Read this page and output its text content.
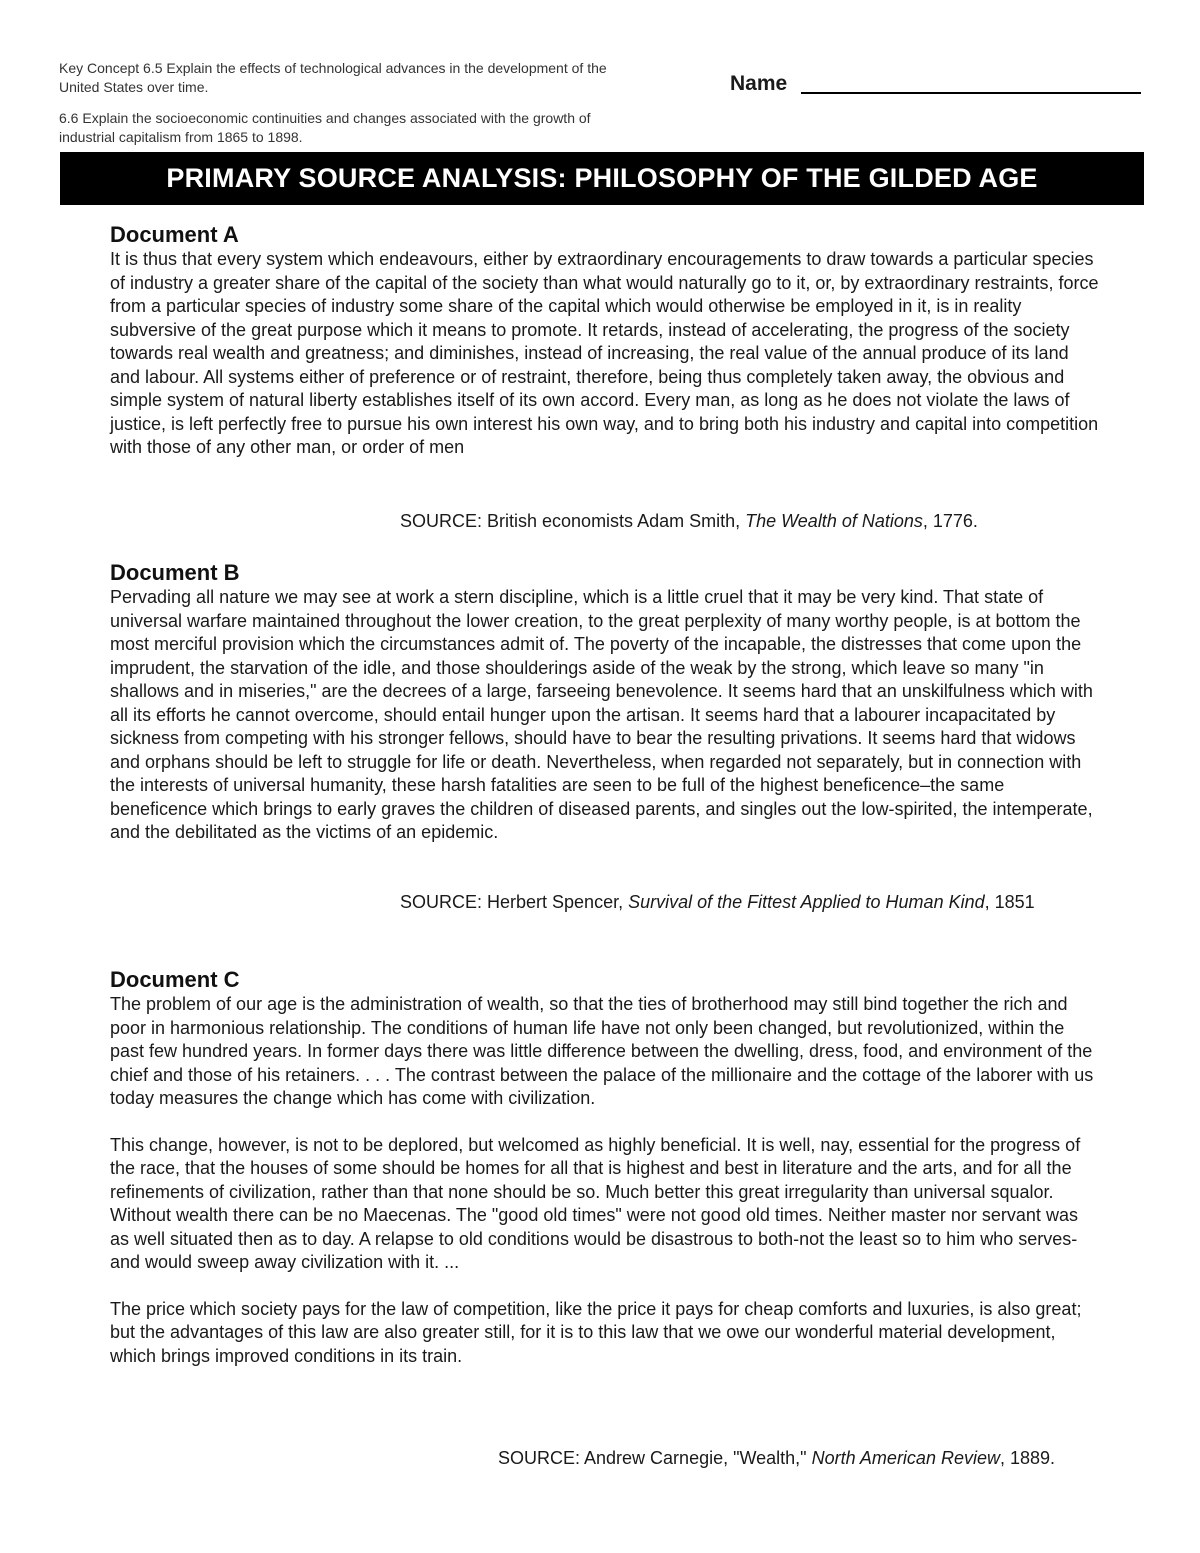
Key Concept 6.5 Explain the effects of technological advances in the development of the United States over time.

6.6 Explain the socioeconomic continuities and changes associated with the growth of industrial capitalism from 1865 to 1898.

Name
PRIMARY SOURCE ANALYSIS: PHILOSOPHY OF THE GILDED AGE
Document A

It is thus that every system which endeavours, either by extraordinary encouragements to draw towards a particular species of industry a greater share of the capital of the society than what would naturally go to it, or, by extraordinary restraints, force from a particular species of industry some share of the capital which would otherwise be employed in it, is in reality subversive of the great purpose which it means to promote. It retards, instead of accelerating, the progress of the society towards real wealth and greatness; and diminishes, instead of increasing, the real value of the annual produce of its land and labour. All systems either of preference or of restraint, therefore, being thus completely taken away, the obvious and simple system of natural liberty establishes itself of its own accord. Every man, as long as he does not violate the laws of justice, is left perfectly free to pursue his own interest his own way, and to bring both his industry and capital into competition with those of any other man, or order of men

SOURCE: British economists Adam Smith, The Wealth of Nations, 1776.
Document B

Pervading all nature we may see at work a stern discipline, which is a little cruel that it may be very kind. That state of universal warfare maintained throughout the lower creation, to the great perplexity of many worthy people, is at bottom the most merciful provision which the circumstances admit of. The poverty of the incapable, the distresses that come upon the imprudent, the starvation of the idle, and those shoulderings aside of the weak by the strong, which leave so many "in shallows and in miseries," are the decrees of a large, farseeing benevolence. It seems hard that an unskilfulness which with all its efforts he cannot overcome, should entail hunger upon the artisan. It seems hard that a labourer incapacitated by sickness from competing with his stronger fellows, should have to bear the resulting privations. It seems hard that widows and orphans should be left to struggle for life or death. Nevertheless, when regarded not separately, but in connection with the interests of universal humanity, these harsh fatalities are seen to be full of the highest beneficence–the same beneficence which brings to early graves the children of diseased parents, and singles out the low-spirited, the intemperate, and the debilitated as the victims of an epidemic.

SOURCE: Herbert Spencer, Survival of the Fittest Applied to Human Kind, 1851
Document C

The problem of our age is the administration of wealth, so that the ties of brotherhood may still bind together the rich and poor in harmonious relationship. The conditions of human life have not only been changed, but revolutionized, within the past few hundred years. In former days there was little difference between the dwelling, dress, food, and environment of the chief and those of his retainers. . . . The contrast between the palace of the millionaire and the cottage of the laborer with us today measures the change which has come with civilization.

This change, however, is not to be deplored, but welcomed as highly beneficial. It is well, nay, essential for the progress of the race, that the houses of some should be homes for all that is highest and best in literature and the arts, and for all the refinements of civilization, rather than that none should be so. Much better this great irregularity than universal squalor. Without wealth there can be no Maecenas. The "good old times" were not good old times. Neither master nor servant was as well situated then as to day. A relapse to old conditions would be disastrous to both-not the least so to him who serves-and would sweep away civilization with it. ...

The price which society pays for the law of competition, like the price it pays for cheap comforts and luxuries, is also great; but the advantages of this law are also greater still, for it is to this law that we owe our wonderful material development, which brings improved conditions in its train.

SOURCE: Andrew Carnegie, "Wealth," North American Review, 1889.
